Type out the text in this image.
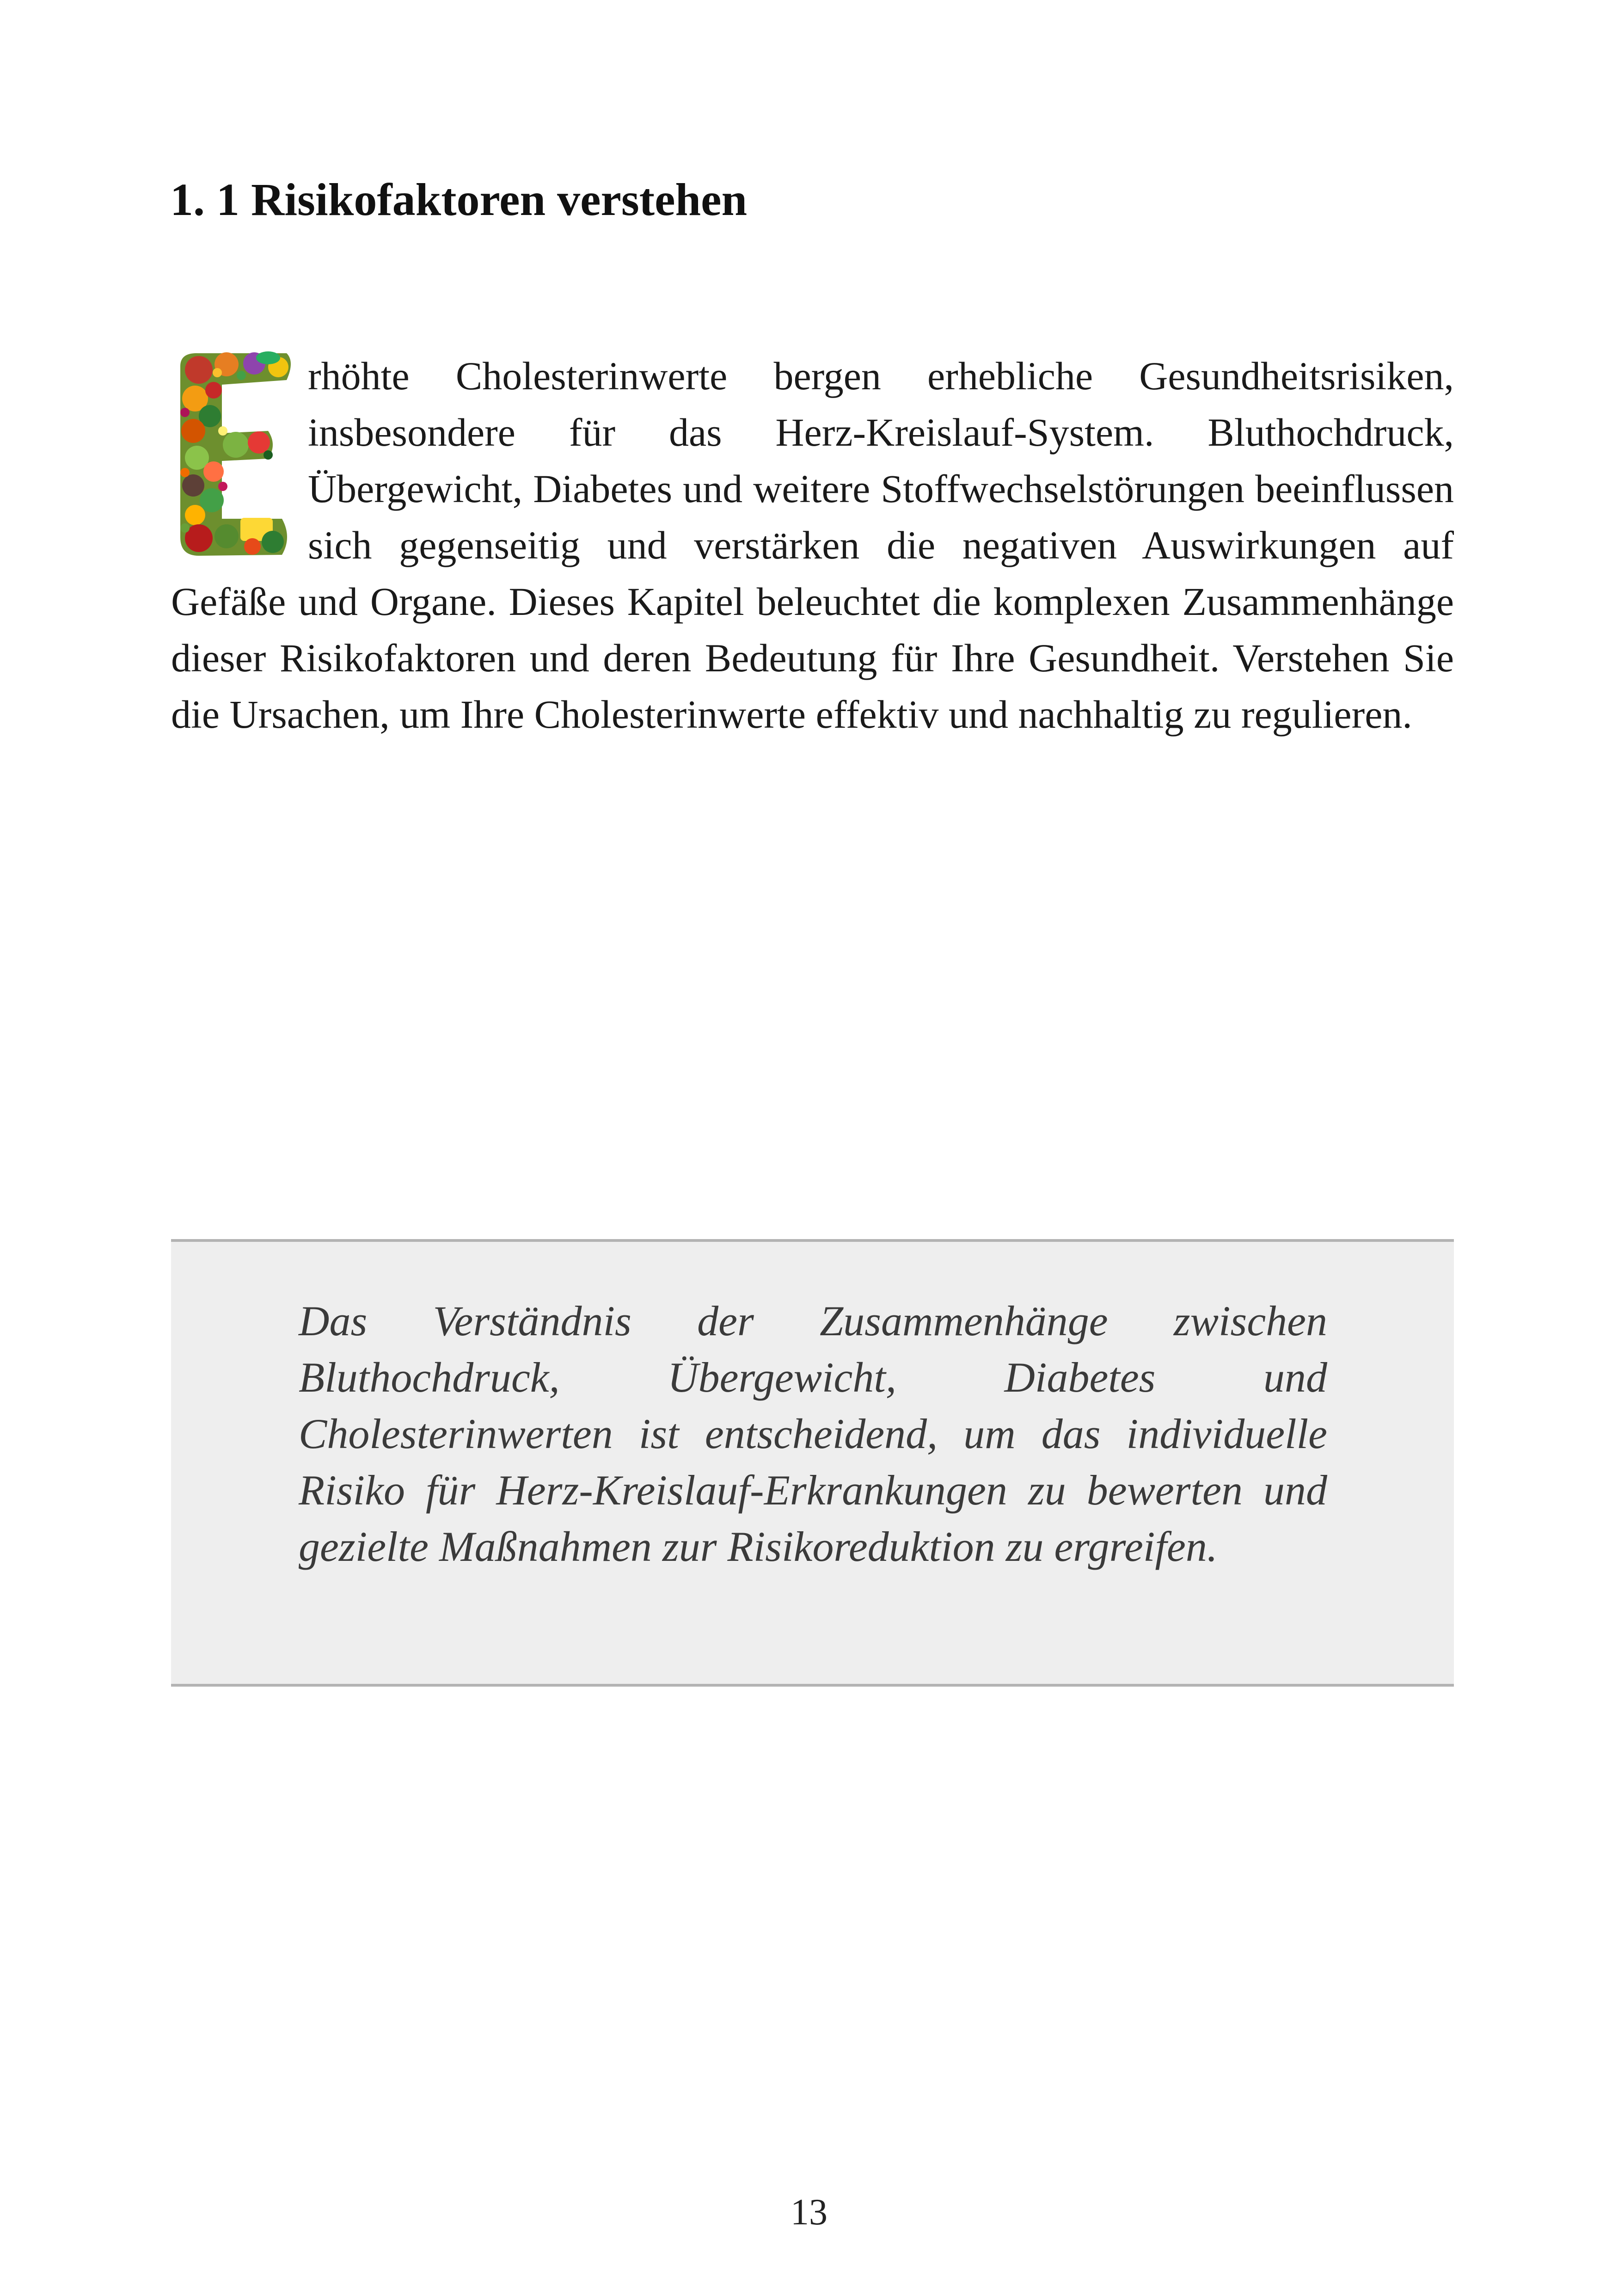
1. 1 Risikofaktoren verstehen
rhöhte Cholesterinwerte bergen erhebliche Gesundheitsrisiken, insbesondere für das Herz-Kreislauf-System. Bluthochdruck, Übergewicht, Diabetes und weitere Stoffwechselstörungen beeinflussen sich gegenseitig und verstärken die negativen Auswirkungen auf Gefäße und Organe. Dieses Kapitel beleuchtet die komplexen Zusammenhänge dieser Risikofaktoren und deren Bedeutung für Ihre Gesundheit. Verstehen Sie die Ursachen, um Ihre Cholesterinwerte effektiv und nachhaltig zu regulieren.
Das Verständnis der Zusammenhänge zwischen Bluthochdruck, Übergewicht, Diabetes und Cholesterinwerten ist entscheidend, um das individuelle Risiko für Herz-Kreislauf-Erkrankungen zu bewerten und gezielte Maßnahmen zur Risikoreduktion zu ergreifen.
13
